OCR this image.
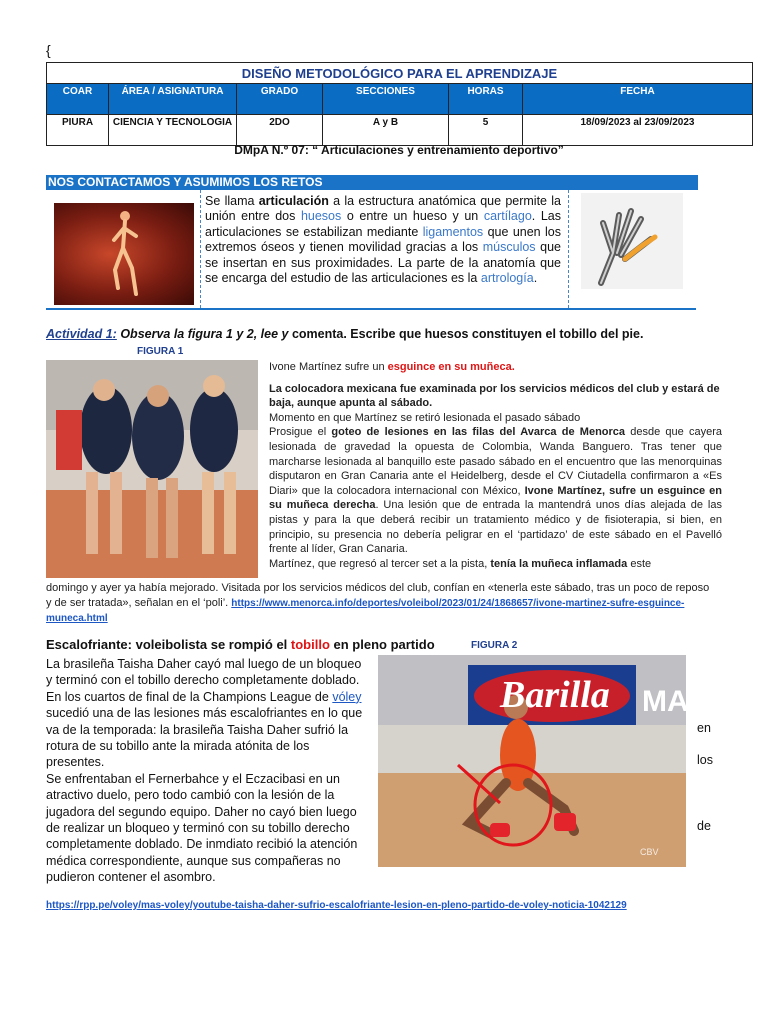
{
DISEÑO METODOLÓGICO PARA EL APRENDIZAJE					
COAR	ÁREA / ASIGNATURA	GRADO	SECCIONES	HORAS	FECHA
PIURA	CIENCIA Y TECNOLOGIA	2DO	A y B	5	18/09/2023 al 23/09/2023
DMpA N.º 07: “ Articulaciones y entrenamiento deportivo”
NOS CONTACTAMOS Y ASUMIMOS LOS RETOS
Se llama articulación a la estructura anatómica que permite la unión entre dos huesos o entre un hueso y un cartílago. Las articulaciones se estabilizan mediante ligamentos que unen los extremos óseos y tienen movilidad gracias a los músculos que se insertan en sus proximidades. La parte de la anatomía que se encarga del estudio de las articulaciones es la artrología.
Actividad 1: Observa la figura 1 y 2, lee y comenta. Escribe que huesos constituyen el tobillo del pie.
FIGURA 1

Ivone Martínez sufre un esguince en su muñeca.

La colocadora mexicana fue examinada por los servicios médicos del club y estará de baja, aunque apunta al sábado.

Momento en que Martínez se retiró lesionada el pasado sábado

Prosigue el goteo de lesiones en las filas del Avarca de Menorca desde que cayera lesionada de gravedad la opuesta de Colombia, Wanda Banguero. Tras tener que marcharse lesionada al banquillo este pasado sábado en el encuentro que las menorquinas disputaron en Gran Canaria ante el Heidelberg, desde el CV Ciutadella confirmaron a «Es Diari» que la colocadora internacional con México, Ivone Martínez, sufre un esguince en su muñeca derecha. Una lesión que de entrada la mantendrá unos días alejada de las pistas y para la que deberá recibir un tratamiento médico y de fisioterapia, si bien, en principio, su presencia no debería peligrar en el ‘partidazo’ de este sábado en el Pavelló frente al líder, Gran Canaria.

Martínez, que regresó al tercer set a la pista, tenía la muñeca inflamada este

domingo y ayer ya había mejorado. Visitada por los servicios médicos del club, confían en «tenerla este sábado, tras un poco de reposo y de ser tratada», señalan en el ‘poli’. https://www.menorca.info/deportes/voleibol/2023/01/24/1868657/ivone-martinez-sufre-esguince-muneca.html
Escalofriante: voleibolista se rompió el tobillo en pleno partido	FIGURA 2
La brasileña Taisha Daher cayó mal luego de un bloqueo y terminó con el tobillo derecho completamente doblado.
En los cuartos de final de la Champions League de vóley sucedió una de las lesiones más escalofriantes en lo que va de la temporada: la brasileña Taisha Daher sufrió la rotura de su tobillo ante la mirada atónita de los presentes.
Se enfrentaban el Fernerbahce y el Eczacibasi en un atractivo duelo, pero todo cambió con la lesión de la jugadora del segundo equipo. Daher no cayó bien luego de realizar un bloqueo y terminó con su tobillo derecho completamente doblado. De inmdiato recibió la atención médica correspondiente, aunque sus compañeras no pudieron contener el asombro.
en
los
de
Barilla MAK
CBV
https://rpp.pe/voley/mas-voley/youtube-taisha-daher-sufrio-escalofriante-lesion-en-pleno-partido-de-voley-noticia-1042129
